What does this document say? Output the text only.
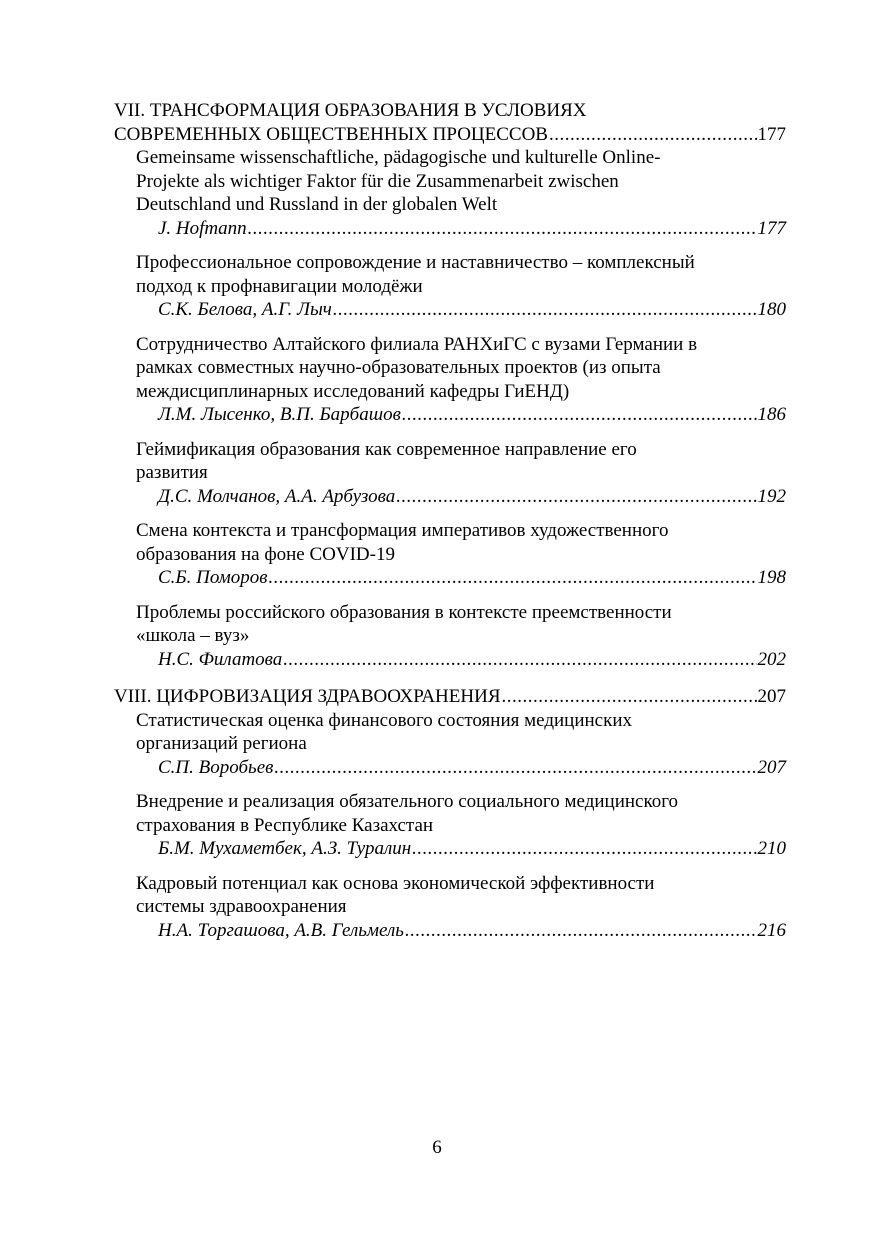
VII. ТРАНСФОРМАЦИЯ ОБРАЗОВАНИЯ В УСЛОВИЯХ
СОВРЕМЕННЫХ ОБЩЕСТВЕННЫХ ПРОЦЕССОВ .....	177
Gemeinsame wissenschaftliche, pädagogische und kulturelle Online-
Projekte als wichtiger Faktor für die Zusammenarbeit zwischen
Deutschland und Russland in der globalen Welt
J. Hofmann .....	177
Профессиональное сопровождение и наставничество – комплексный
подход к профнавигации молодёжи
С.К. Белова, А.Г. Лыч .....	180
Сотрудничество Алтайского филиала РАНХиГС с вузами Германии в
рамках совместных научно-образовательных проектов (из опыта
междисциплинарных исследований кафедры ГиЕНД)
Л.М. Лысенко, В.П. Барбашов .....	186
Геймификация образования как современное направление его
развития
Д.С. Молчанов, А.А. Арбузова .....	192
Смена контекста и трансформация императивов художественного
образования на фоне COVID-19
С.Б. Поморов .....	198
Проблемы российского образования в контексте преемственности
«школа – вуз»
Н.С. Филатова .....	202
VIII. ЦИФРОВИЗАЦИЯ ЗДРАВООХРАНЕНИЯ .....	207
Статистическая оценка финансового состояния медицинских
организаций региона
С.П. Воробьев .....	207
Внедрение и реализация обязательного социального медицинского
страхования в Республике Казахстан
Б.М. Мухаметбек, А.З. Туралин .....	210
Кадровый потенциал как основа экономической эффективности
системы здравоохранения
Н.А. Торгашова, А.В. Гельмель .....	216
6
